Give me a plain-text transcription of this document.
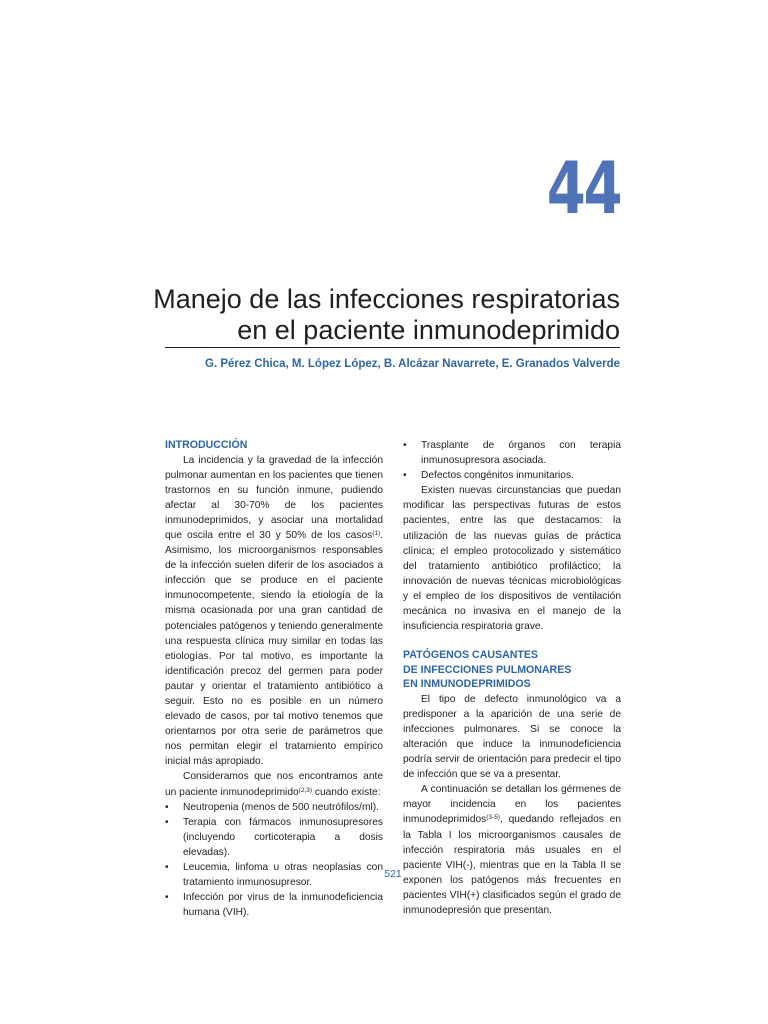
44
Manejo de las infecciones respiratorias
en el paciente inmunodeprimido
G. Pérez Chica, M. López López, B. Alcázar Navarrete, E. Granados Valverde
INTRODUCCIÓN

La incidencia y la gravedad de la infección pulmonar aumentan en los pacientes que tienen trastornos en su función inmune, pudiendo afectar al 30-70% de los pacientes inmunodeprimidos, y asociar una mortalidad que oscila entre el 30 y 50% de los casos$^{(1)}$. Asimismo, los microorganismos responsables de la infección suelen diferir de los asociados a infección que se produce en el paciente inmunocompetente, siendo la etiología de la misma ocasionada por una gran cantidad de potenciales patógenos y teniendo generalmente una respuesta clínica muy similar en todas las etiologías. Por tal motivo, es importante la identificación precoz del germen para poder pautar y orientar el tratamiento antibiótico a seguir. Esto no es posible en un número elevado de casos, por tal motivo tenemos que orientarnos por otra serie de parámetros que nos permitan elegir el tratamiento empírico inicial más apropiado.

Consideramos que nos encontramos ante un paciente inmunodeprimido$^{(2,3)}$ cuando existe:

• Neutropenia (menos de 500 neutrófilos/ml).
• Terapia con fármacos inmunosupresores (incluyendo corticoterapia a dosis elevadas).
• Leucemia, linfoma u otras neoplasias con tratamiento inmunosupresor.
• Infección por virus de la inmunodeficiencia humana (VIH).
• Trasplante de órganos con terapia inmunosupresora asociada.
• Defectos congénitos inmunitarios.

Existen nuevas circunstancias que puedan modificar las perspectivas futuras de estos pacientes, entre las que destacamos: la utilización de las nuevas guías de práctica clínica; el empleo protocolizado y sistemático del tratamiento antibiótico profiláctico; la innovación de nuevas técnicas microbiológicas y el empleo de los dispositivos de ventilación mecánica no invasiva en el manejo de la insuficiencia respiratoria grave.

PATÓGENOS CAUSANTES
DE INFECCIONES PULMONARES
EN INMUNODEPRIMIDOS

El tipo de defecto inmunológico va a predisponer a la aparición de una serie de infecciones pulmonares. Si se conoce la alteración que induce la inmunodeficiencia podría servir de orientación para predecir el tipo de infección que se va a presentar.

A continuación se detallan los gérmenes de mayor incidencia en los pacientes inmunodeprimidos$^{(3-5)}$, quedando reflejados en la Tabla I los microorganismos causales de infección respiratoria más usuales en el paciente VIH(-), mientras que en la Tabla II se exponen los patógenos más frecuentes en pacientes VIH(+) clasificados según el grado de inmunodepresión que presentan.

521
